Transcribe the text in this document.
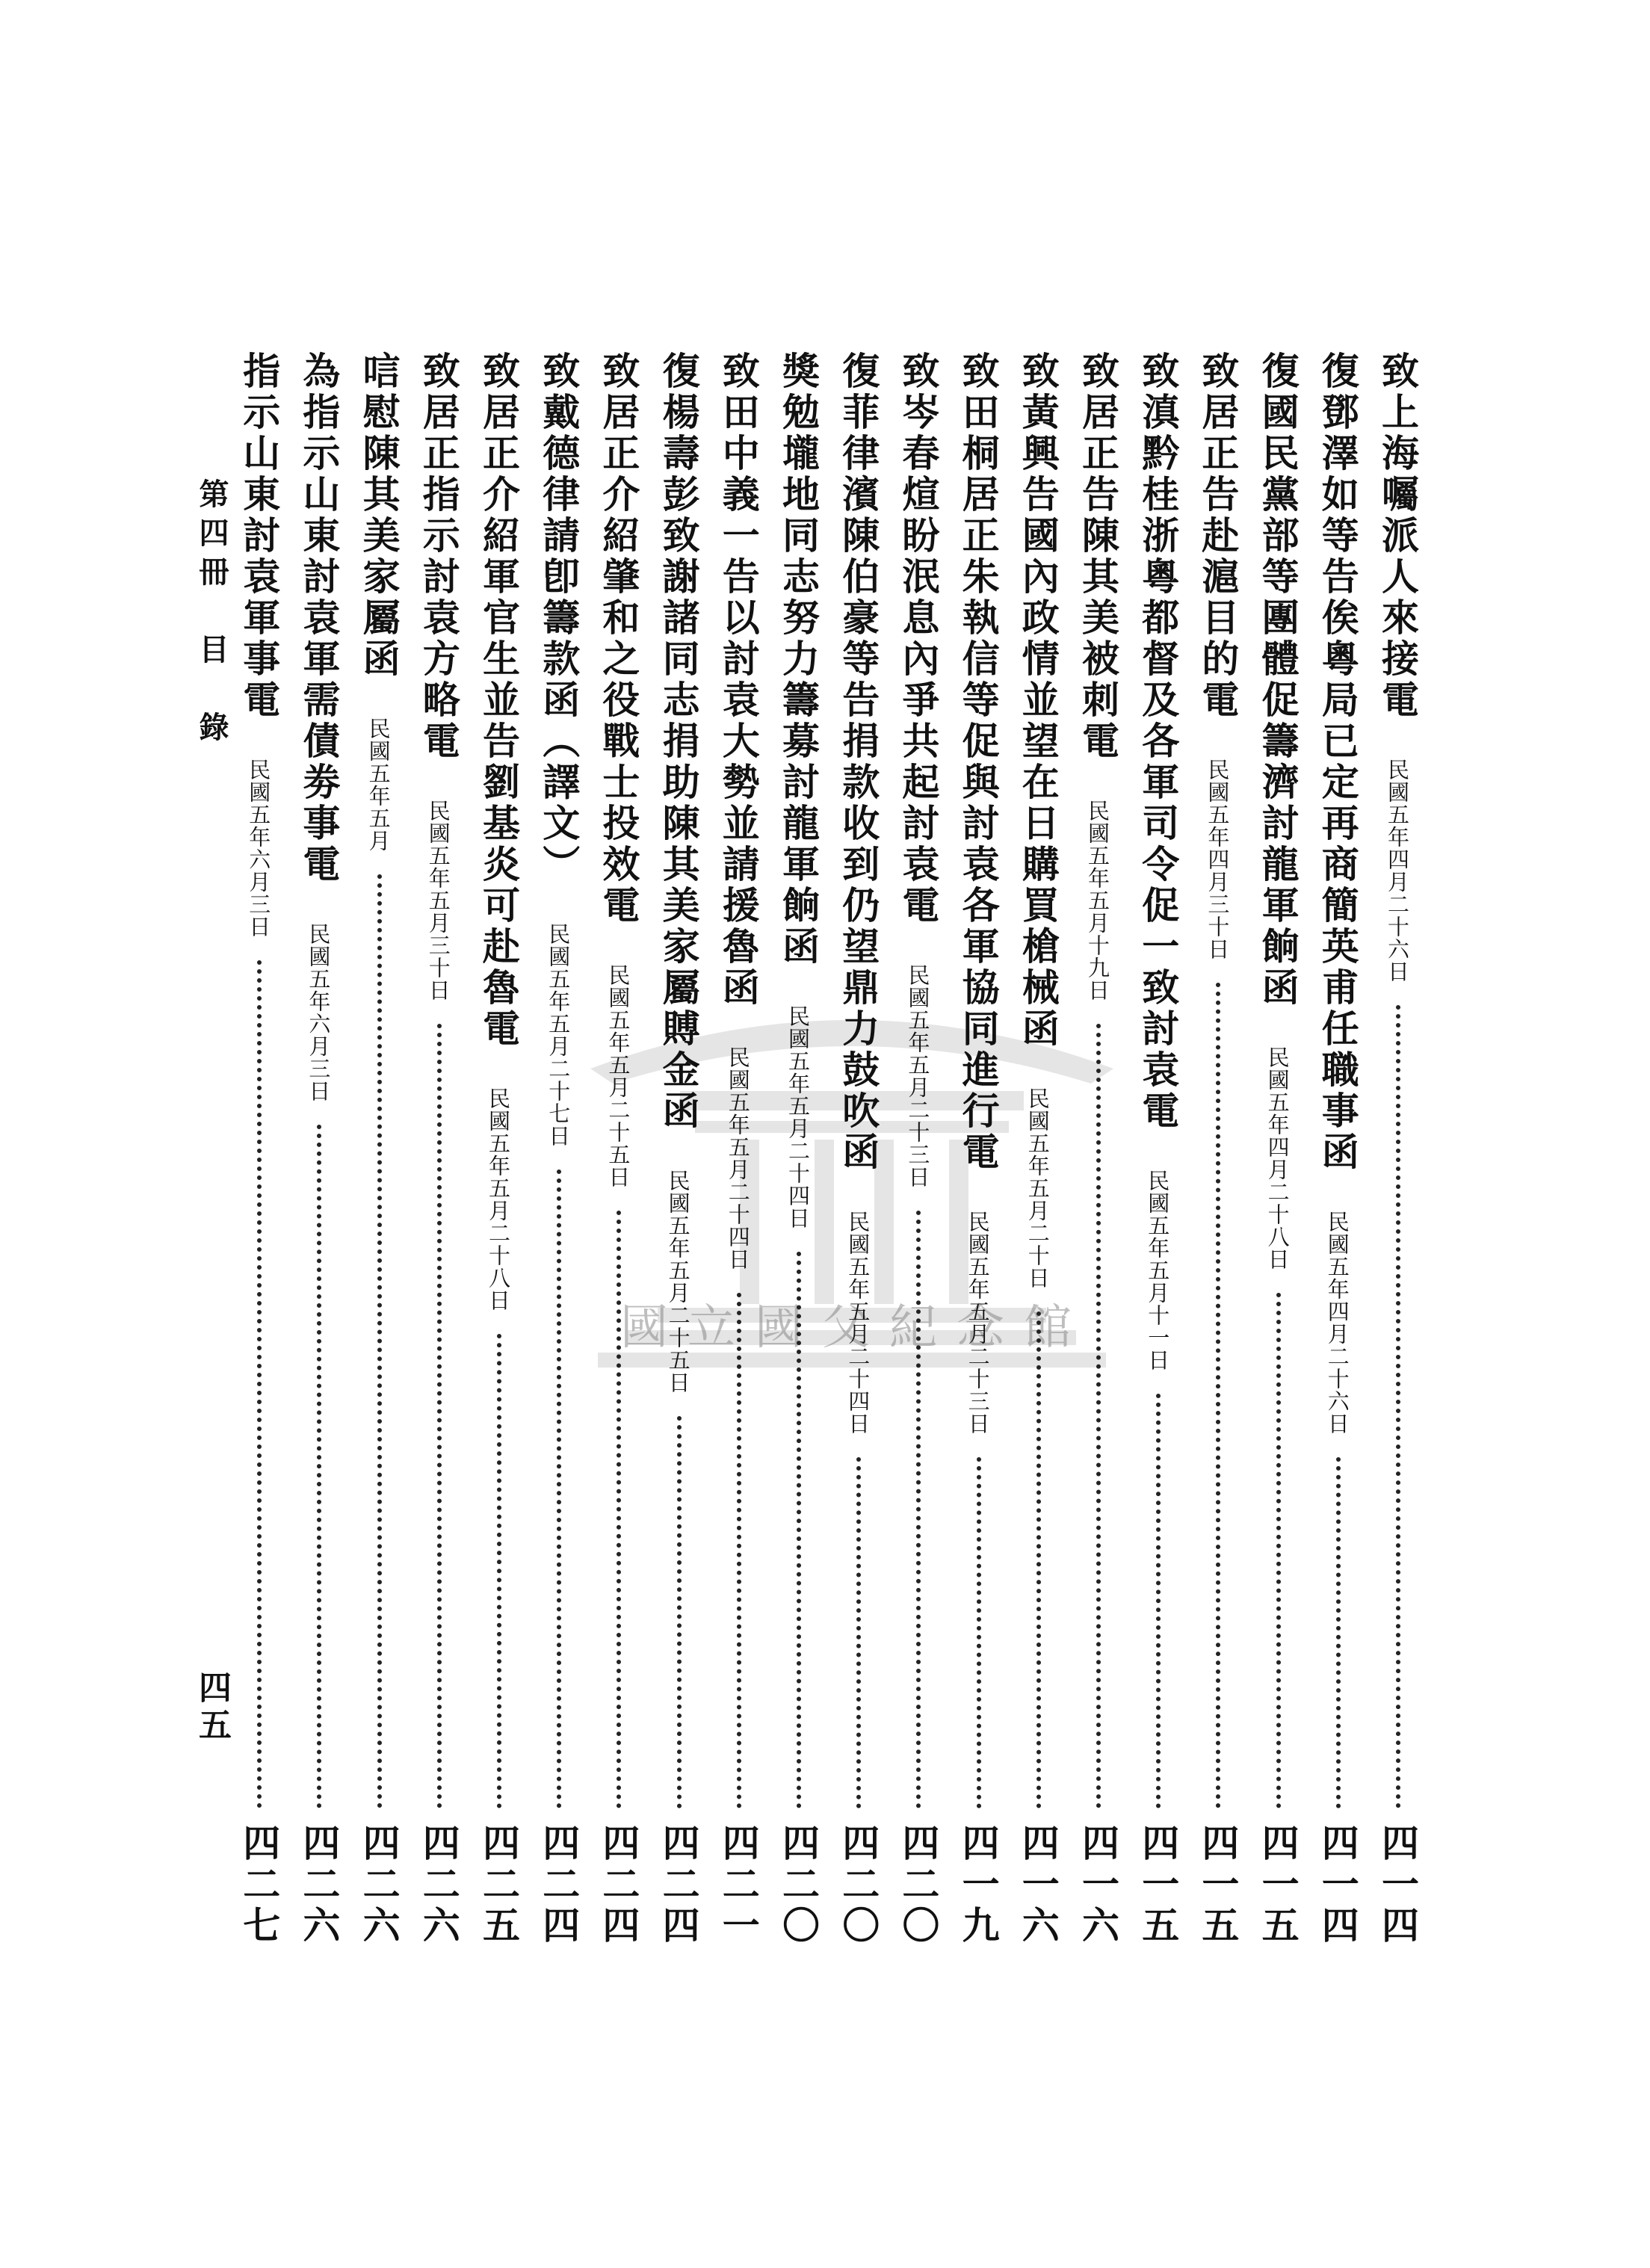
國立國父紀念館
致上海囑派人來接電
民國五年四月二十六日
四一四
復鄧澤如等告俟粵局已定再商簡英甫任職事函
民國五年四月二十六日
四一四
復國民黨部等團體促籌濟討龍軍餉函
民國五年四月二十八日
四一五
致居正告赴滬目的電
民國五年四月三十日
四一五
致滇黔桂浙粵都督及各軍司令促一致討袁電
民國五年五月十一日
四一五
致居正告陳其美被刺電
民國五年五月十九日
四一六
致黃興告國內政情並望在日購買槍械函
民國五年五月二十日
四一六
致田桐居正朱執信等促與討袁各軍協同進行電
民國五年五月二十三日
四一九
致岑春煊盼泯息內爭共起討袁電
民國五年五月二十三日
四二〇
復菲律濱陳伯豪等告捐款收到仍望鼎力鼓吹函
民國五年五月二十四日
四二〇
獎勉壠地同志努力籌募討龍軍餉函
民國五年五月二十四日
四二〇
致田中義一告以討袁大勢並請援魯函
民國五年五月二十四日
四二一
復楊壽彭致謝諸同志捐助陳其美家屬賻金函
民國五年五月二十五日
四二四
致居正介紹肇和之役戰士投效電
民國五年五月二十五日
四二四
致戴德律請卽籌款函（譯文）
民國五年五月二十七日
四二四
致居正介紹軍官生並告劉基炎可赴魯電
民國五年五月二十八日
四二五
致居正指示討袁方略電
民國五年五月三十日
四二六
唁慰陳其美家屬函
民國五年五月
四二六
為指示山東討袁軍需債劵事電
民國五年六月三日
四二六
指示山東討袁軍事電
民國五年六月三日
四二七
第四冊　目　錄
四五
